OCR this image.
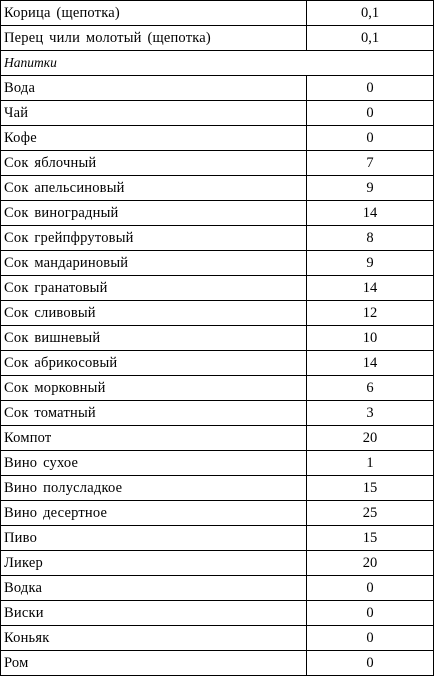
Корица (щепотка)	0,1
Перец чили молотый (щепотка)	0,1
Напитки	
Вода	0
Чай	0
Кофе	0
Сок яблочный	7
Сок апельсиновый	9
Сок виноградный	14
Сок грейпфрутовый	8
Сок мандариновый	9
Сок гранатовый	14
Сок сливовый	12
Сок вишневый	10
Сок абрикосовый	14
Сок морковный	6
Сок томатный	3
Компот	20
Вино сухое	1
Вино полусладкое	15
Вино десертное	25
Пиво	15
Ликер	20
Водка	0
Виски	0
Коньяк	0
Ром	0
